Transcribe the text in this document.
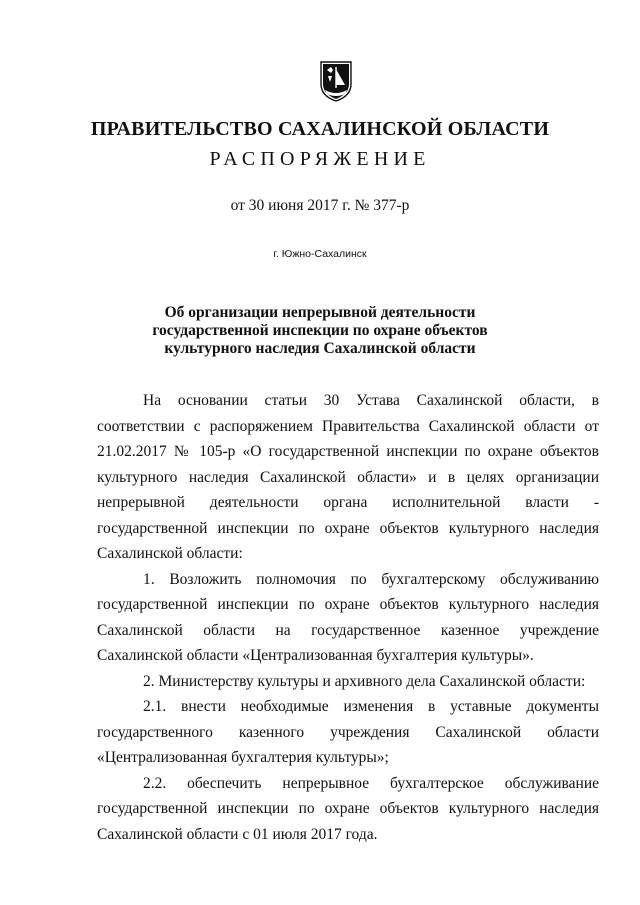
ПРАВИТЕЛЬСТВО САХАЛИНСКОЙ ОБЛАСТИ
РАСПОРЯЖЕНИЕ
от 30 июня 2017 г. № 377-р
г. Южно-Сахалинск
Об организации непрерывной деятельности
государственной инспекции по охране объектов
культурного наследия Сахалинской области

На основании статьи 30 Устава Сахалинской области, в соответствии с распоряжением Правительства Сахалинской области от 21.02.2017 № 105-р «О государственной инспекции по охране объектов культурного наследия Сахалинской области» и в целях организации непрерывной деятельности органа исполнительной власти - государственной инспекции по охране объектов культурного наследия Сахалинской области:

1. Возложить полномочия по бухгалтерскому обслуживанию государственной инспекции по охране объектов культурного наследия Сахалинской области на государственное казенное учреждение Сахалинской области «Централизованная бухгалтерия культуры».

2. Министерству культуры и архивного дела Сахалинской области:

2.1. внести необходимые изменения в уставные документы государственного казенного учреждения Сахалинской области «Централизованная бухгалтерия культуры»;

2.2. обеспечить непрерывное бухгалтерское обслуживание государственной инспекции по охране объектов культурного наследия Сахалинской области с 01 июля 2017 года.
